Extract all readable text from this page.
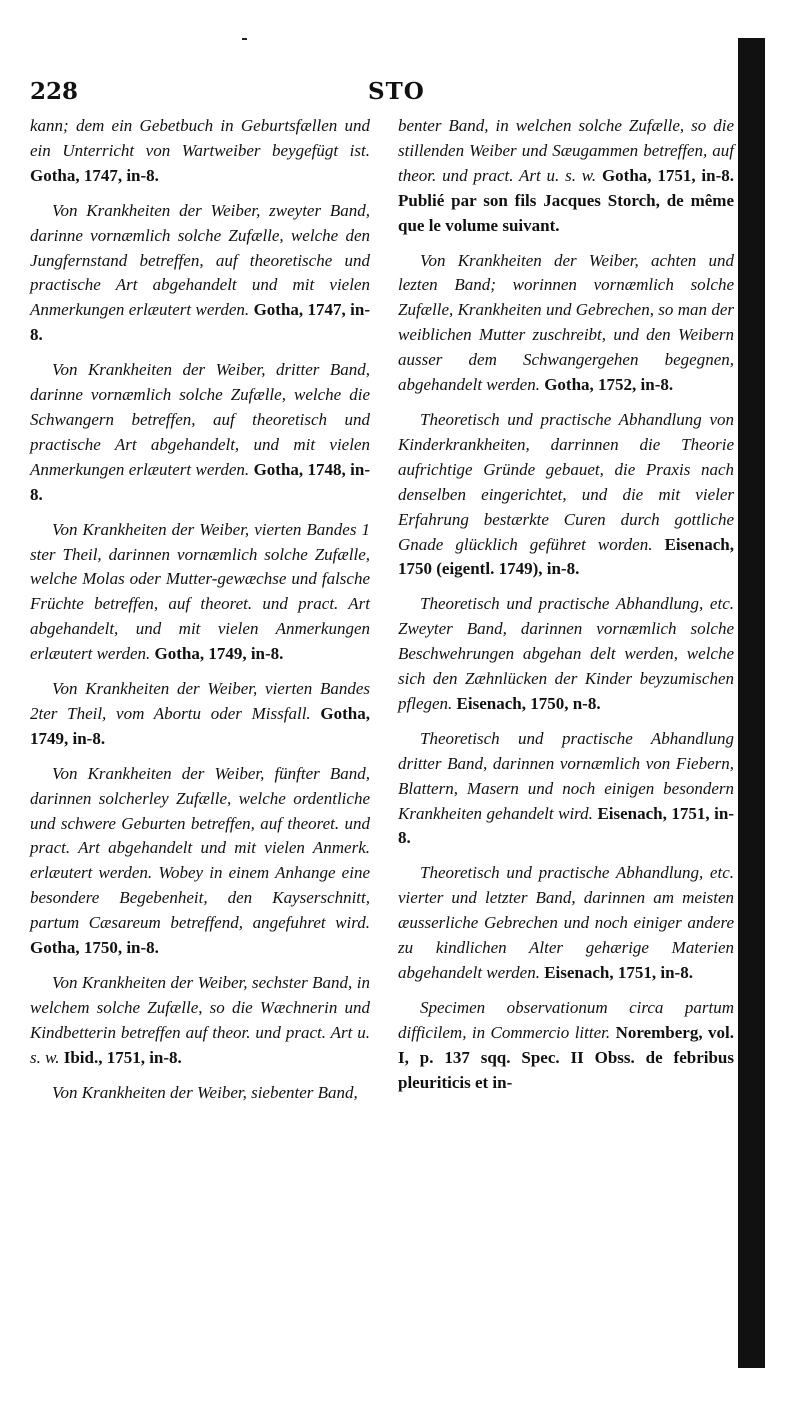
228	STO

kann; dem ein Gebetbuch in Geburtsfællen und ein Unterricht von Wartweiber beygefügt ist. Gotha, 1747, in-8.

Von Krankheiten der Weiber, zweyter Band, darinne vornæmlich solche Zufælle, welche den Jungfernstand betreffen, auf theoretische und practische Art abgehandelt und mit vielen Anmerkungen erlæutert werden. Gotha, 1747, in-8.

Von Krankheiten der Weiber, dritter Band, darinne vornæmlich solche Zufælle, welche die Schwangern betreffen, auf theoretisch und practische Art abgehandelt, und mit vielen Anmerkungen erlæutert werden. Gotha, 1748, in-8.

Von Krankheiten der Weiber, vierten Bandes 1 ster Theil, darinnen vornæmlich solche Zufælle, welche Molas oder Mutter-gewæchse und falsche Früchte betreffen, auf theoret. und pract. Art abgehandelt, und mit vielen Anmerkungen erlæutert werden. Gotha, 1749, in-8.

Von Krankheiten der Weiber, vierten Bandes 2ter Theil, vom Abortu oder Missfall. Gotha, 1749, in-8.

Von Krankheiten der Weiber, fünfter Band, darinnen solcherley Zufælle, welche ordentliche und schwere Geburten betreffen, auf theoret. und pract. Art abgehandelt und mit vielen Anmerk. erlæutert werden. Wobey in einem Anhange eine besondere Begebenheit, den Kayserschnitt, partum Cæsareum betreffend, angefuhret wird. Gotha, 1750, in-8.

Von Krankheiten der Weiber, sechster Band, in welchem solche Zufælle, so die Wæchnerin und Kindbetterin betreffen auf theor. und pract. Art u. s. w. Ibid., 1751, in-8.

Von Krankheiten der Weiber, siebenter Band,

benter Band, in welchen solche Zufælle, so die stillenden Weiber und Sæugammen betreffen, auf theor. und pract. Art u. s. w. Gotha, 1751, in-8. Publié par son fils Jacques Storch, de même que le volume suivant.

Von Krankheiten der Weiber, achten und lezten Band; worinnen vornæmlich solche Zufælle, Krankheiten und Gebrechen, so man der weiblichen Mutter zuschreibt, und den Weibern ausser dem Schwangergehen begegnen, abgehandelt werden. Gotha, 1752, in-8.

Theoretisch und practische Abhandlung von Kinderkrankheiten, darrinnen die Theorie aufrichtige Gründe gebauet, die Praxis nach denselben eingerichtet, und die mit vieler Erfahrung bestærkte Curen durch gottliche Gnade glücklich geführet worden. Eisenach, 1750 (eigentl. 1749), in-8.

Theoretisch und practische Abhandlung, etc. Zweyter Band, darinnen vornæmlich solche Beschwehrungen abgehan delt werden, welche sich den Zæhnlücken der Kinder beyzumischen pflegen. Eisenach, 1750, n-8.

Theoretisch und practische Abhandlung dritter Band, darinnen vornæmlich von Fiebern, Blattern, Masern und noch einigen besondern Krankheiten gehandelt wird. Eisenach, 1751, in-8.

Theoretisch und practische Abhandlung, etc. vierter und letzter Band, darinnen am meisten æusserliche Gebrechen und noch einiger andere zu kindlichen Alter gehærige Materien abgehandelt werden. Eisenach, 1751, in-8.

Specimen observationum circa partum difficilem, in Commercio litter. Noremberg, vol. I, p. 137 sqq. Spec. II Obss. de febribus pleuriticis et in-
